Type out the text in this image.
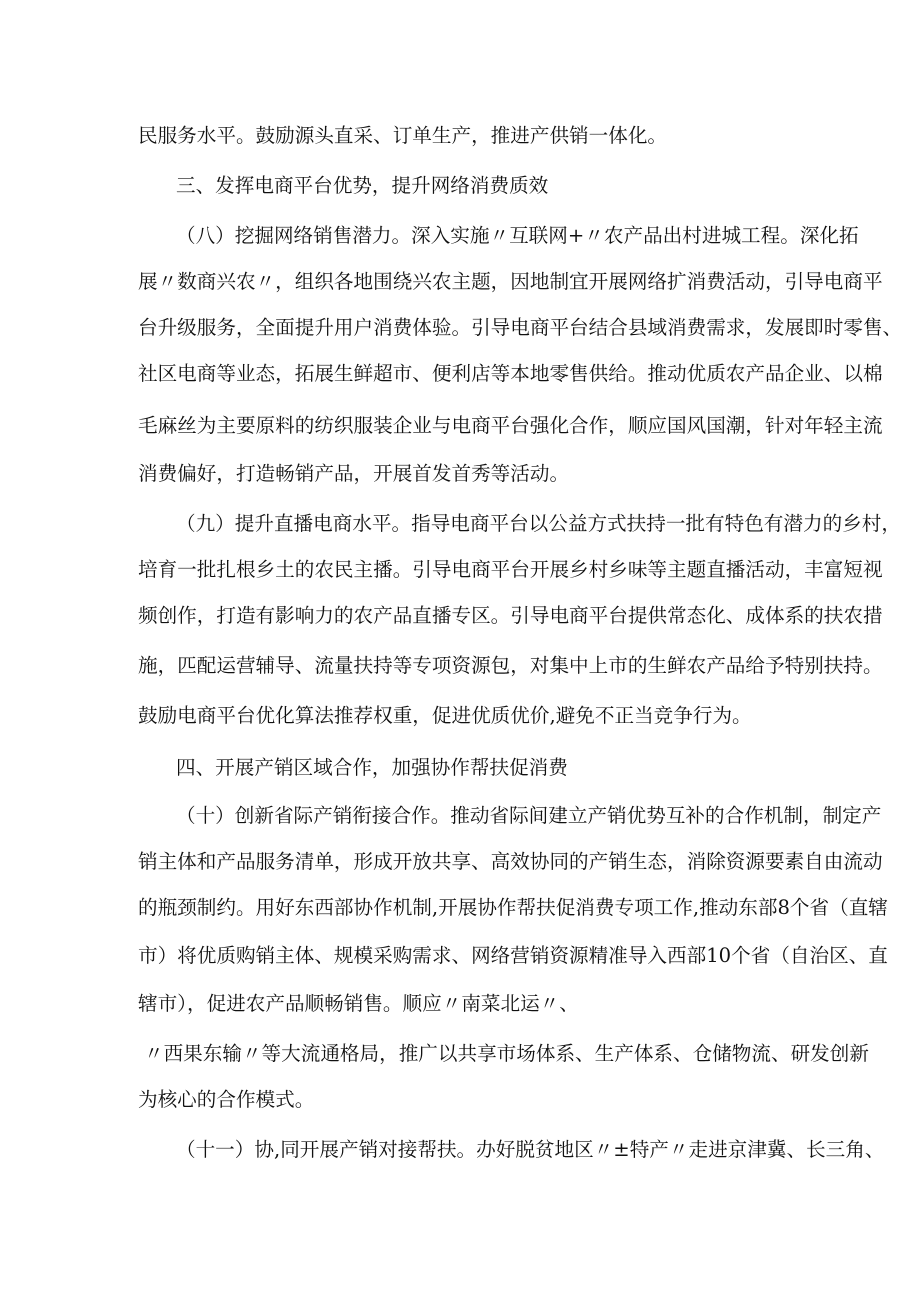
民服务水平。鼓励源头直采、订单生产，推进产供销一体化。
三、发挥电商平台优势，提升网络消费质效
（八）挖掘网络销售潜力。深入实施〃互联网+〃农产品出村进城工程。深化拓
展〃数商兴农〃，组织各地围绕兴农主题，因地制宜开展网络扩消费活动，引导电商平
台升级服务，全面提升用户消费体验。引导电商平台结合县域消费需求，发展即时零售、
社区电商等业态，拓展生鲜超市、便利店等本地零售供给。推动优质农产品企业、以棉
毛麻丝为主要原料的纺织服装企业与电商平台强化合作，顺应国风国潮，针对年轻主流
消费偏好，打造畅销产品，开展首发首秀等活动。
（九）提升直播电商水平。指导电商平台以公益方式扶持一批有特色有潜力的乡村，
培育一批扎根乡土的农民主播。引导电商平台开展乡村乡味等主题直播活动，丰富短视
频创作，打造有影响力的农产品直播专区。引导电商平台提供常态化、成体系的扶农措
施，匹配运营辅导、流量扶持等专项资源包，对集中上市的生鲜农产品给予特别扶持。
鼓励电商平台优化算法推荐权重，促进优质优价,避免不正当竞争行为。
四、开展产销区域合作，加强协作帮扶促消费
（十）创新省际产销衔接合作。推动省际间建立产销优势互补的合作机制，制定产
销主体和产品服务清单，形成开放共享、高效协同的产销生态，消除资源要素自由流动
的瓶颈制约。用好东西部协作机制,开展协作帮扶促消费专项工作,推动东部8个省（直辖
市）将优质购销主体、规模采购需求、网络营销资源精准导入西部10个省（自治区、直
辖市），促进农产品顺畅销售。顺应〃南菜北运〃、
〃西果东输〃等大流通格局，推广以共享市场体系、生产体系、仓储物流、研发创新
为核心的合作模式。
（十一）协,同开展产销对接帮扶。办好脱贫地区〃±特产〃走进京津冀、长三角、
